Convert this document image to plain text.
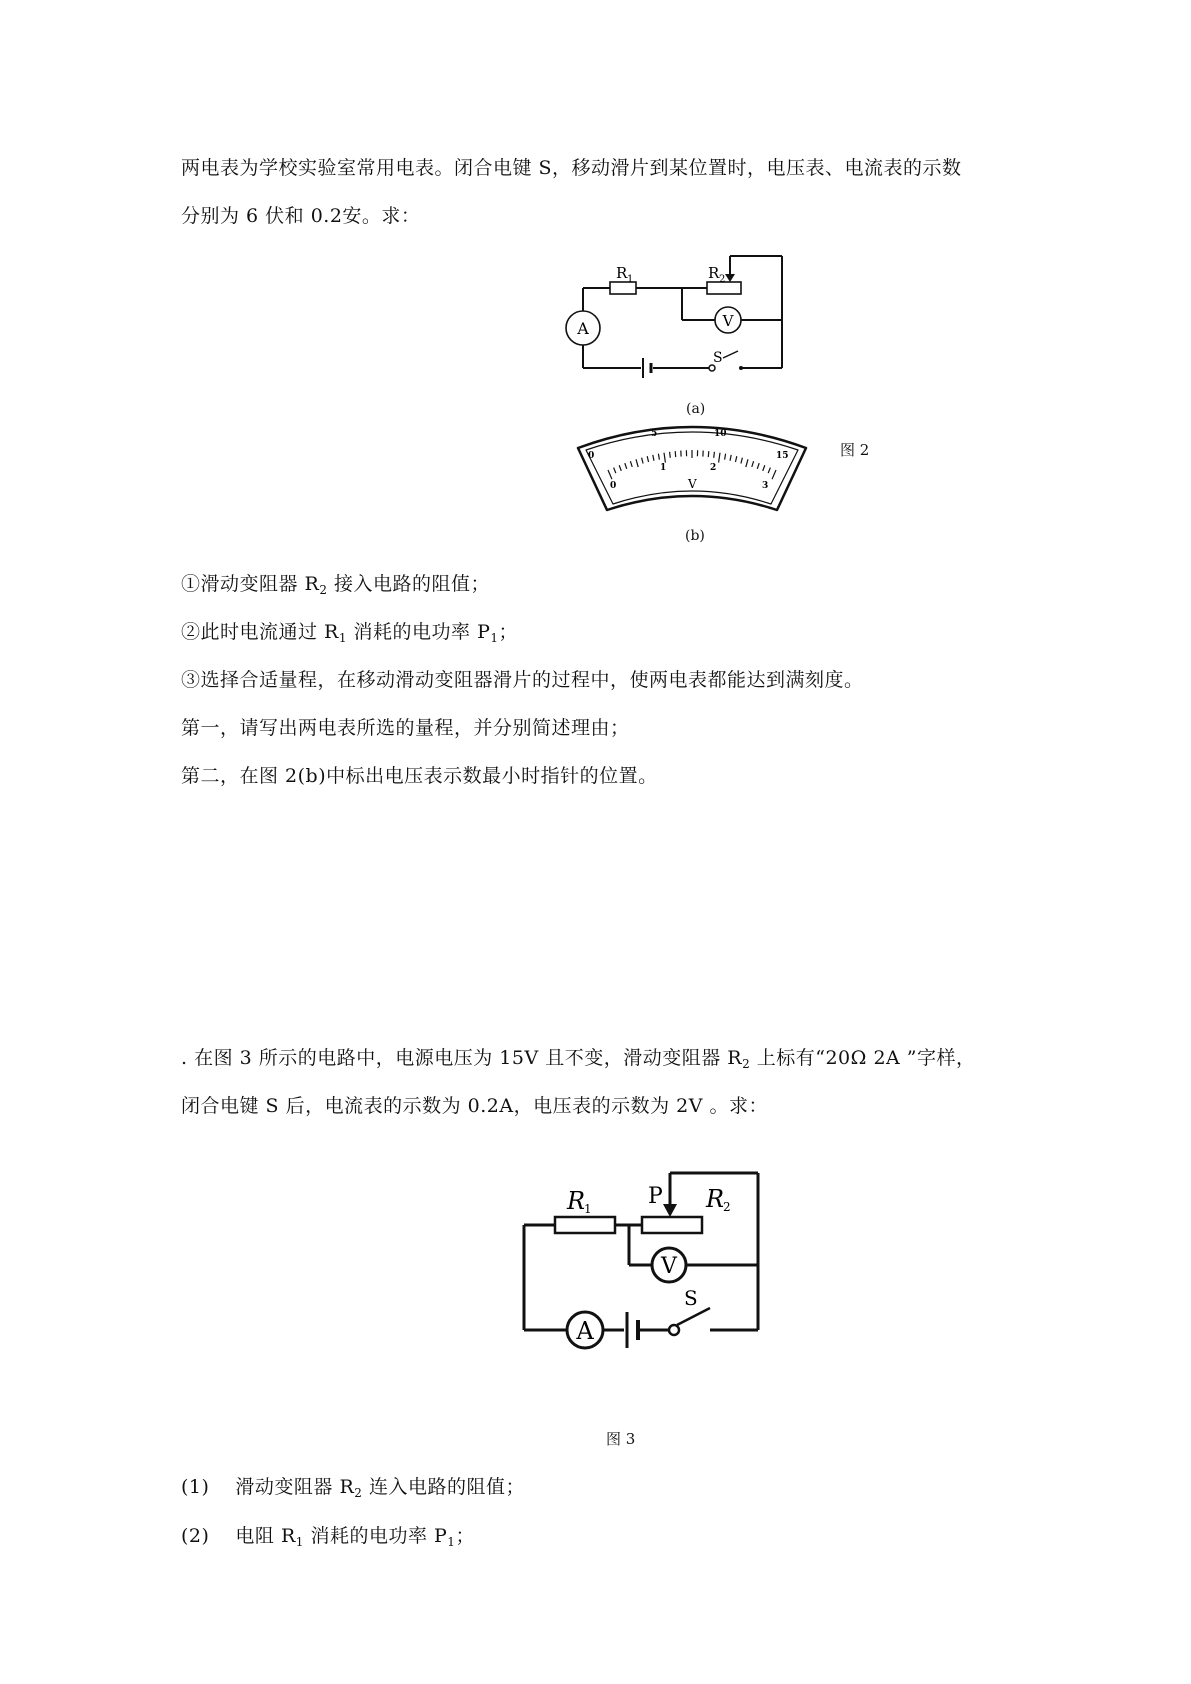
两电表为学校实验室常用电表。闭合电键 S，移动滑片到某位置时，电压表、电流表的示数
分别为 6 伏和 0.2安。求：
A	V
R 1	R 2
S
(a)
0
5	10
15
0
1	2
3
V
图 2
(b)
①滑动变阻器 $R_2$ 接入电路的阻值；
②此时电流通过 $R_1$ 消耗的电功率 $P_1$；
③选择合适量程，在移动滑动变阻器滑片的过程中，使两电表都能达到满刻度。
第一，请写出两电表所选的量程，并分别简述理由；
第二，在图 2(b)中标出电压表示数最小时指针的位置。
. 在图 3 所示的电路中，电源电压为 15V 且不变，滑动变阻器 $R_2$ 上标有“20Ω 2A ”字样，
闭合电键 S 后，电流表的示数为 0.2A，电压表的示数为 2V 。求：
A
V
R
1	P R
2
S
图 3
(1) 滑动变阻器 $R_2$ 连入电路的阻值；
(2) 电阻 $R_1$ 消耗的电功率 $P_1$；
